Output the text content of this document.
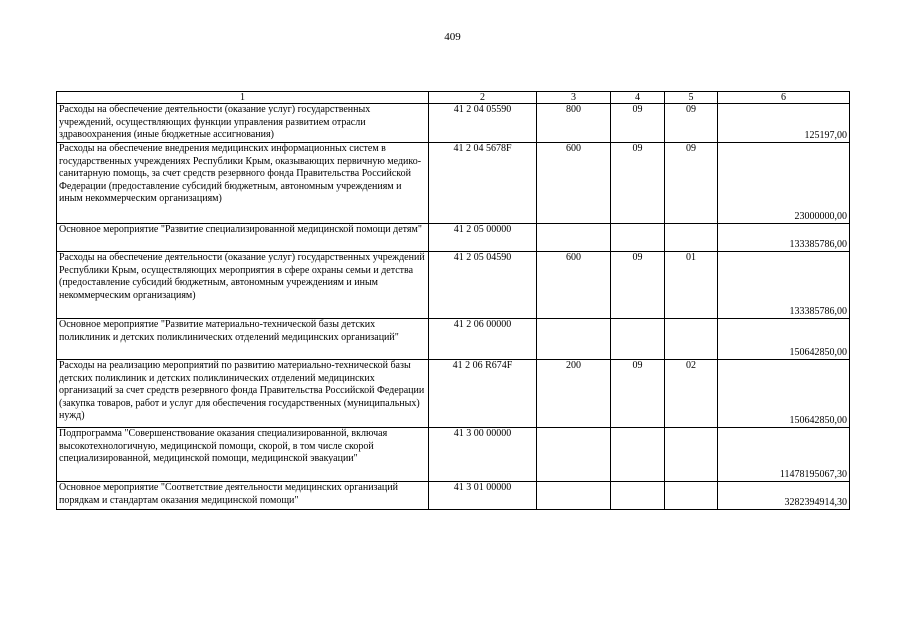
409
1	2	3	4	5	6
Расходы на обеспечение деятельности (оказание услуг) государственных учреждений, осуществляющих функции управления развитием отрасли здравоохранения (иные бюджетные ассигнования)	41 2 04 05590	800	09	09	125197,00
Расходы на обеспечение внедрения медицинских информационных систем в государственных учреждениях Республики Крым, оказывающих первичную медико-санитарную помощь, за счет средств резервного фонда Правительства Российской Федерации (предоставление субсидий бюджетным, автономным учреждениям и иным некоммерческим организациям)	41 2 04 5678F	600	09	09	23000000,00
Основное мероприятие "Развитие специализированной медицинской помощи детям"	41 2 05 00000				133385786,00
Расходы на обеспечение деятельности (оказание услуг) государственных учреждений Республики Крым, осуществляющих мероприятия в сфере охраны семьи и детства (предоставление субсидий бюджетным, автономным учреждениям и иным некоммерческим организациям)	41 2 05 04590	600	09	01	133385786,00
Основное мероприятие "Развитие материально-технической базы детских поликлиник и детских поликлинических отделений медицинских организаций"	41 2 06 00000				150642850,00
Расходы на реализацию мероприятий по развитию материально-технической базы детских поликлиник и детских поликлинических отделений медицинских организаций за счет средств резервного фонда Правительства Российской Федерации (закупка товаров, работ и услуг для обеспечения государственных (муниципальных) нужд)	41 2 06 R674F	200	09	02	150642850,00
Подпрограмма "Совершенствование оказания специализированной, включая высокотехнологичную, медицинской помощи, скорой, в том числе скорой специализированной, медицинской помощи, медицинской эвакуации"	41 3 00 00000				11478195067,30
Основное мероприятие "Соответствие деятельности медицинских организаций порядкам и стандартам оказания медицинской помощи"	41 3 01 00000				3282394914,30
